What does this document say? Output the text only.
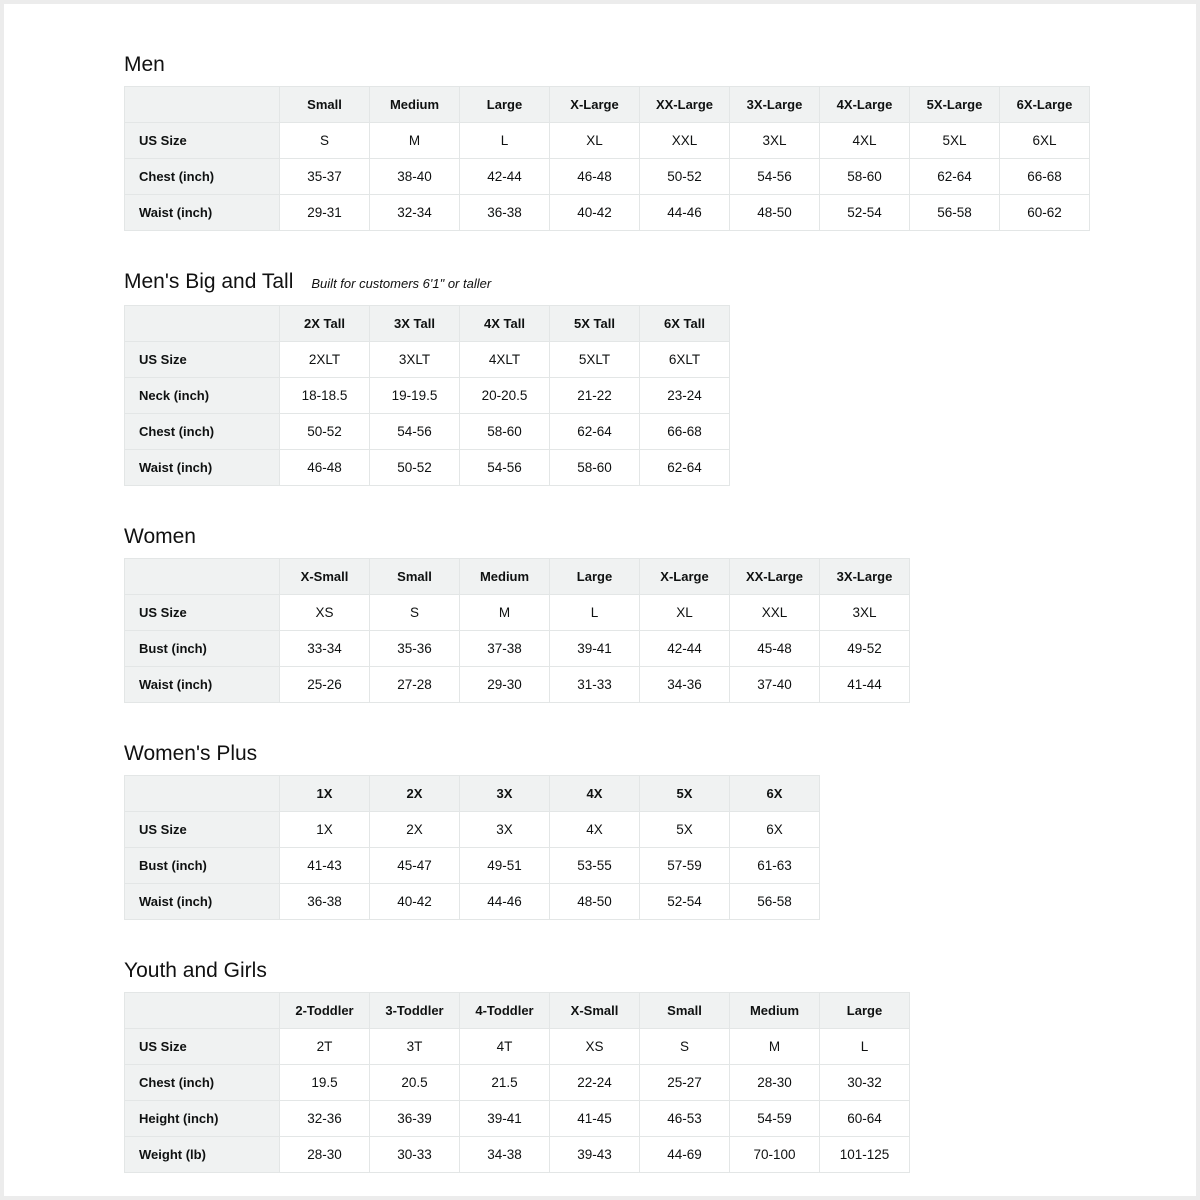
Men
	Small	Medium	Large	X-Large	XX-Large	3X-Large	4X-Large	5X-Large	6X-Large
US Size	S	M	L	XL	XXL	3XL	4XL	5XL	6XL
Chest (inch)	35-37	38-40	42-44	46-48	50-52	54-56	58-60	62-64	66-68
Waist (inch)	29-31	32-34	36-38	40-42	44-46	48-50	52-54	56-58	60-62
Men's Big and Tall Built for customers 6'1" or taller
	2X Tall	3X Tall	4X Tall	5X Tall	6X Tall
US Size	2XLT	3XLT	4XLT	5XLT	6XLT
Neck (inch)	18-18.5	19-19.5	20-20.5	21-22	23-24
Chest (inch)	50-52	54-56	58-60	62-64	66-68
Waist (inch)	46-48	50-52	54-56	58-60	62-64
Women
	X-Small	Small	Medium	Large	X-Large	XX-Large	3X-Large
US Size	XS	S	M	L	XL	XXL	3XL
Bust (inch)	33-34	35-36	37-38	39-41	42-44	45-48	49-52
Waist (inch)	25-26	27-28	29-30	31-33	34-36	37-40	41-44
Women's Plus
	1X	2X	3X	4X	5X	6X
US Size	1X	2X	3X	4X	5X	6X
Bust (inch)	41-43	45-47	49-51	53-55	57-59	61-63
Waist (inch)	36-38	40-42	44-46	48-50	52-54	56-58
Youth and Girls
	2-Toddler	3-Toddler	4-Toddler	X-Small	Small	Medium	Large
US Size	2T	3T	4T	XS	S	M	L
Chest (inch)	19.5	20.5	21.5	22-24	25-27	28-30	30-32
Height (inch)	32-36	36-39	39-41	41-45	46-53	54-59	60-64
Weight (lb)	28-30	30-33	34-38	39-43	44-69	70-100	101-125
